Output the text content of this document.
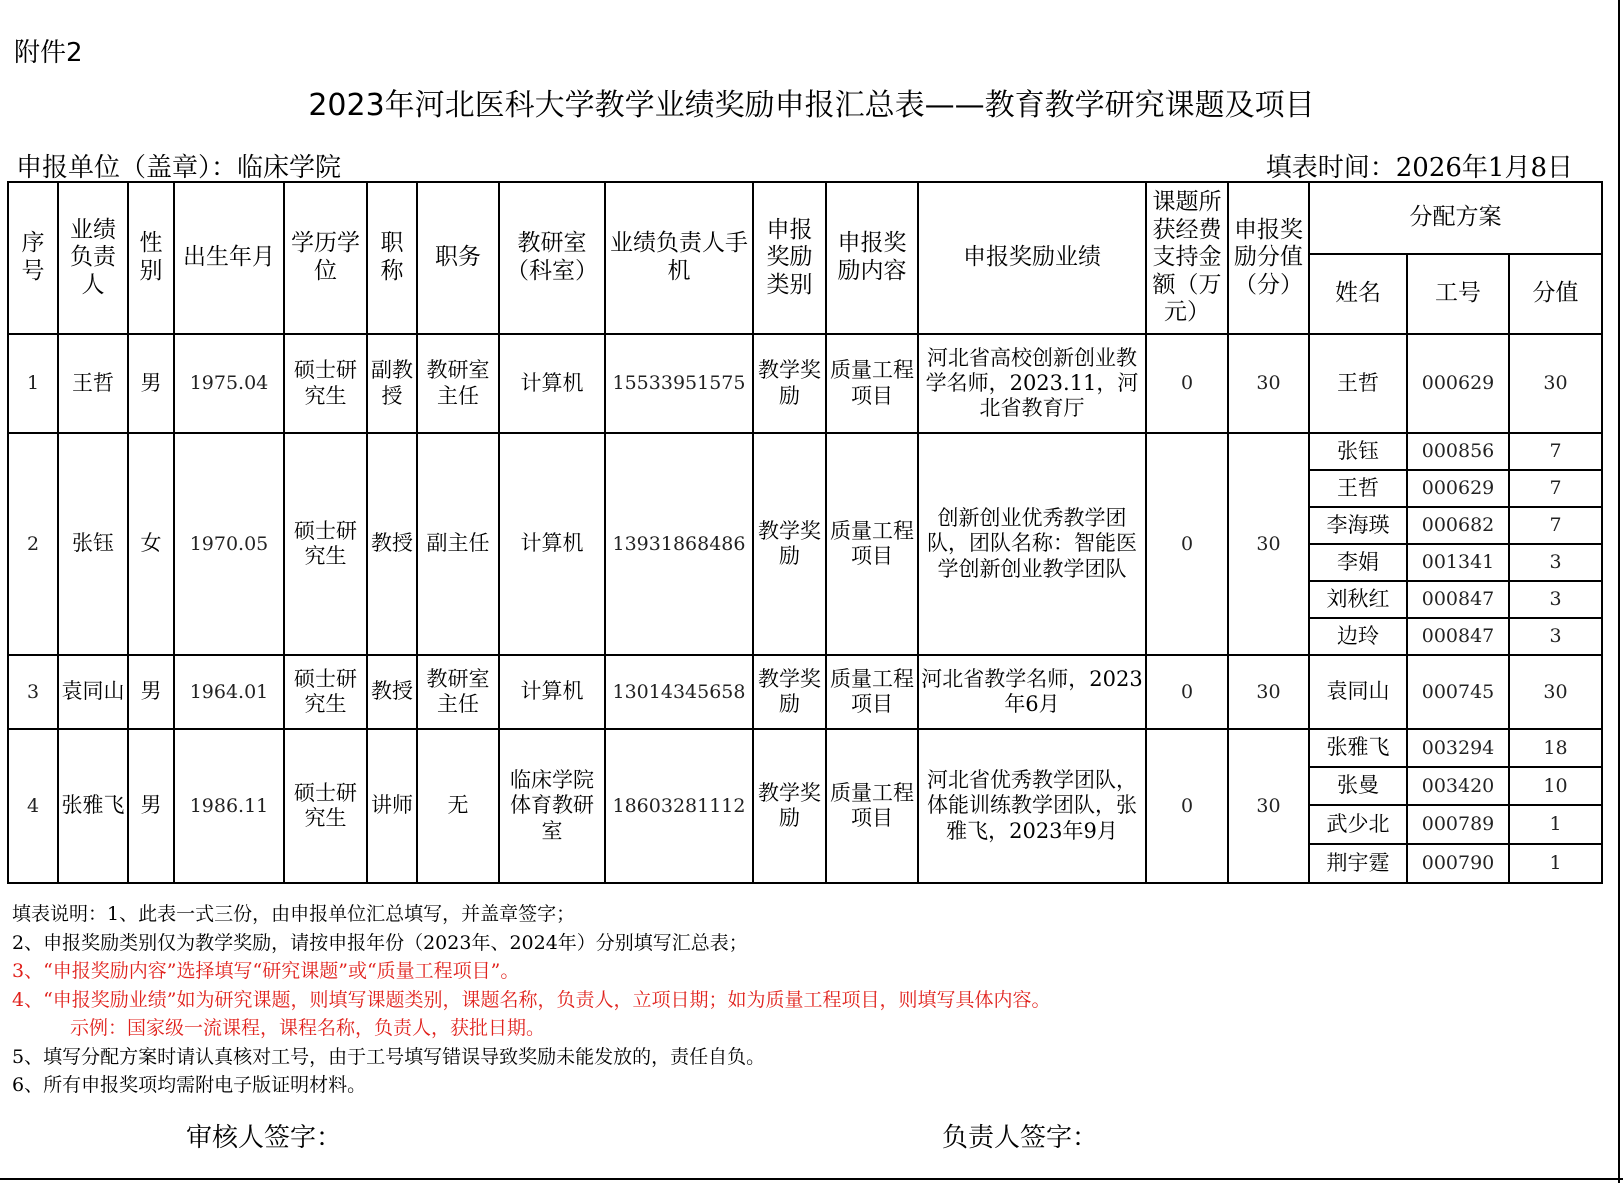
附件2
2023年河北医科大学教学业绩奖励申报汇总表——教育教学研究课题及项目
申报单位（盖章）：临床学院	填表时间：2026年1月8日
序号	业绩负责人	性别	出生年月	学历学位	职称	职务	教研室（科室）	业绩负责人手机	申报奖励类别	申报奖励内容	申报奖励业绩	课题所获经费支持金额（万元）	申报奖励分值（分）	分配方案		
														姓名	工号	分值
1	王哲	男	1975.04	硕士研究生	副教授	教研室主任	计算机	15533951575	教学奖励	质量工程项目	河北省高校创新创业教学名师，2023.11，河北省教育厅	0	30	王哲	000629	30
2	张钰	女	1970.05	硕士研究生	教授	副主任	计算机	13931868486	教学奖励	质量工程项目	创新创业优秀教学团队，团队名称：智能医学创新创业教学团队	0	30	张钰	000856	7
														王哲	000629	7
														李海瑛	000682	7
														李娟	001341	3
														刘秋红	000847	3
														边玲	000847	3
3	袁同山	男	1964.01	硕士研究生	教授	教研室主任	计算机	13014345658	教学奖励	质量工程项目	河北省教学名师，2023年6月	0	30	袁同山	000745	30
4	张雅飞	男	1986.11	硕士研究生	讲师	无	临床学院体育教研室	18603281112	教学奖励	质量工程项目	河北省优秀教学团队，体能训练教学团队，张雅飞，2023年9月	0	30	张雅飞	003294	18
														张曼	003420	10
														武少北	000789	1
														荆宇霆	000790	1
填表说明：1、此表一式三份，由申报单位汇总填写，并盖章签字；
2、申报奖励类别仅为教学奖励，请按申报年份（2023年、2024年）分别填写汇总表；
3、“申报奖励内容”选择填写“研究课题”或“质量工程项目”。
4、“申报奖励业绩”如为研究课题，则填写课题类别，课题名称，负责人，立项日期；如为质量工程项目，则填写具体内容。
示例：国家级一流课程，课程名称，负责人，获批日期。
5、填写分配方案时请认真核对工号，由于工号填写错误导致奖励未能发放的，责任自负。
6、所有申报奖项均需附电子版证明材料。
审核人签字：	负责人签字：
